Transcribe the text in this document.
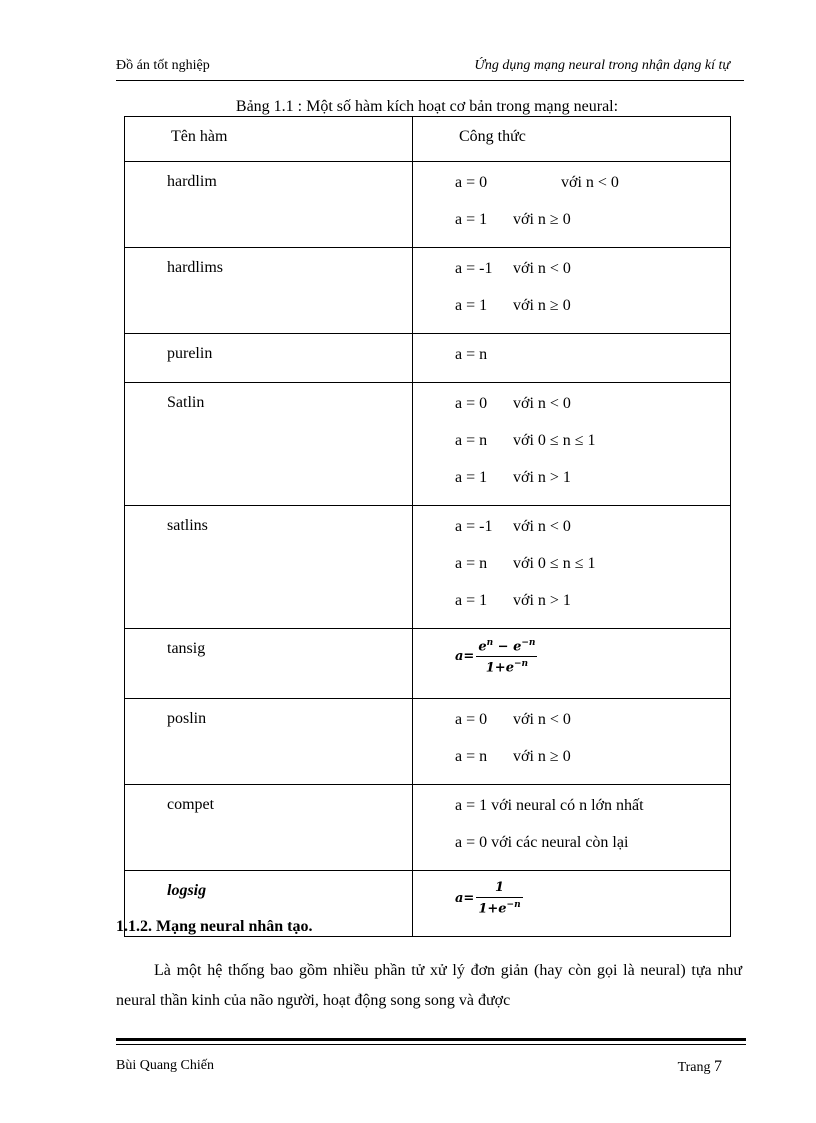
Đồ án tốt nghiệp	Ứng dụng mạng neural trong nhận dạng kí tự
Bảng 1.1 : Một số hàm kích hoạt cơ bản trong mạng neural:
Tên hàm	Công thức
hardlim	a = 0 với n < 0
a = 1 với n ≥ 0

hardlims	a = -1 với n < 0
a = 1 với n ≥ 0

purelin	a = n

Satlin	a = 0 với n < 0
a = n với 0 ≤ n ≤ 1
a = 1 với n > 1

satlins	a = -1 với n < 0
a = n với 0 ≤ n ≤ 1
a = 1 với n > 1

tansig	$a= \frac{e^n - e^{-n}}{1+e^{-n}}$

poslin	a = 0 với n < 0
a = n với n ≥ 0

compet	a = 1 với neural có n lớn nhất
a = 0 với các neural còn lại

logsig	$a= \frac{1}{1+e^{-n}}$
1.1.2. Mạng neural nhân tạo.
Là một hệ thống bao gồm nhiều phần tử xử lý đơn giản (hay còn gọi là neural) tựa như neural thần kinh của não người, hoạt động song song và được
Bùi Quang Chiến	Trang 7
